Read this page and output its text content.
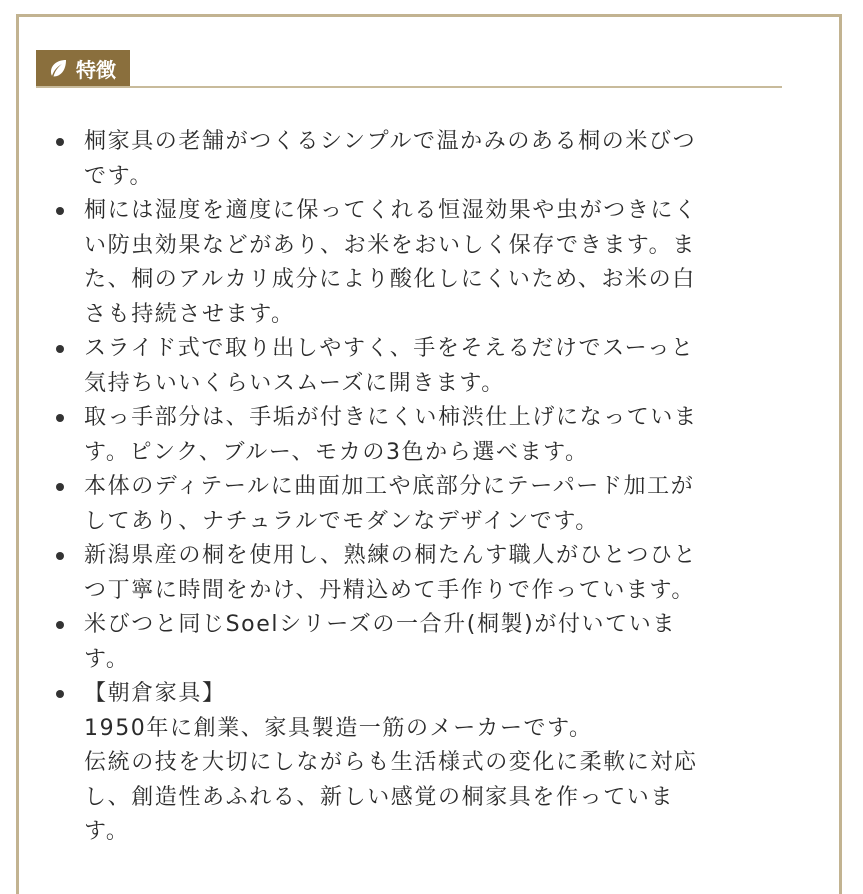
特徴
桐家具の老舗がつくるシンプルで温かみのある桐の米びつ
です。
桐には湿度を適度に保ってくれる恒湿効果や虫がつきにく
い防虫効果などがあり、お米をおいしく保存できます。ま
た、桐のアルカリ成分により酸化しにくいため、お米の白
さも持続させます。
スライド式で取り出しやすく、手をそえるだけでスーっと
気持ちいいくらいスムーズに開きます。
取っ手部分は、手垢が付きにくい柿渋仕上げになっていま
す。ピンク、ブルー、モカの3色から選べます。
本体のディテールに曲面加工や底部分にテーパード加工が
してあり、ナチュラルでモダンなデザインです。
新潟県産の桐を使用し、熟練の桐たんす職人がひとつひと
つ丁寧に時間をかけ、丹精込めて手作りで作っています。
米びつと同じSoelシリーズの一合升(桐製)が付いていま
す。
【朝倉家具】
1950年に創業、家具製造一筋のメーカーです。
伝統の技を大切にしながらも生活様式の変化に柔軟に対応
し、創造性あふれる、新しい感覚の桐家具を作っていま
す。
